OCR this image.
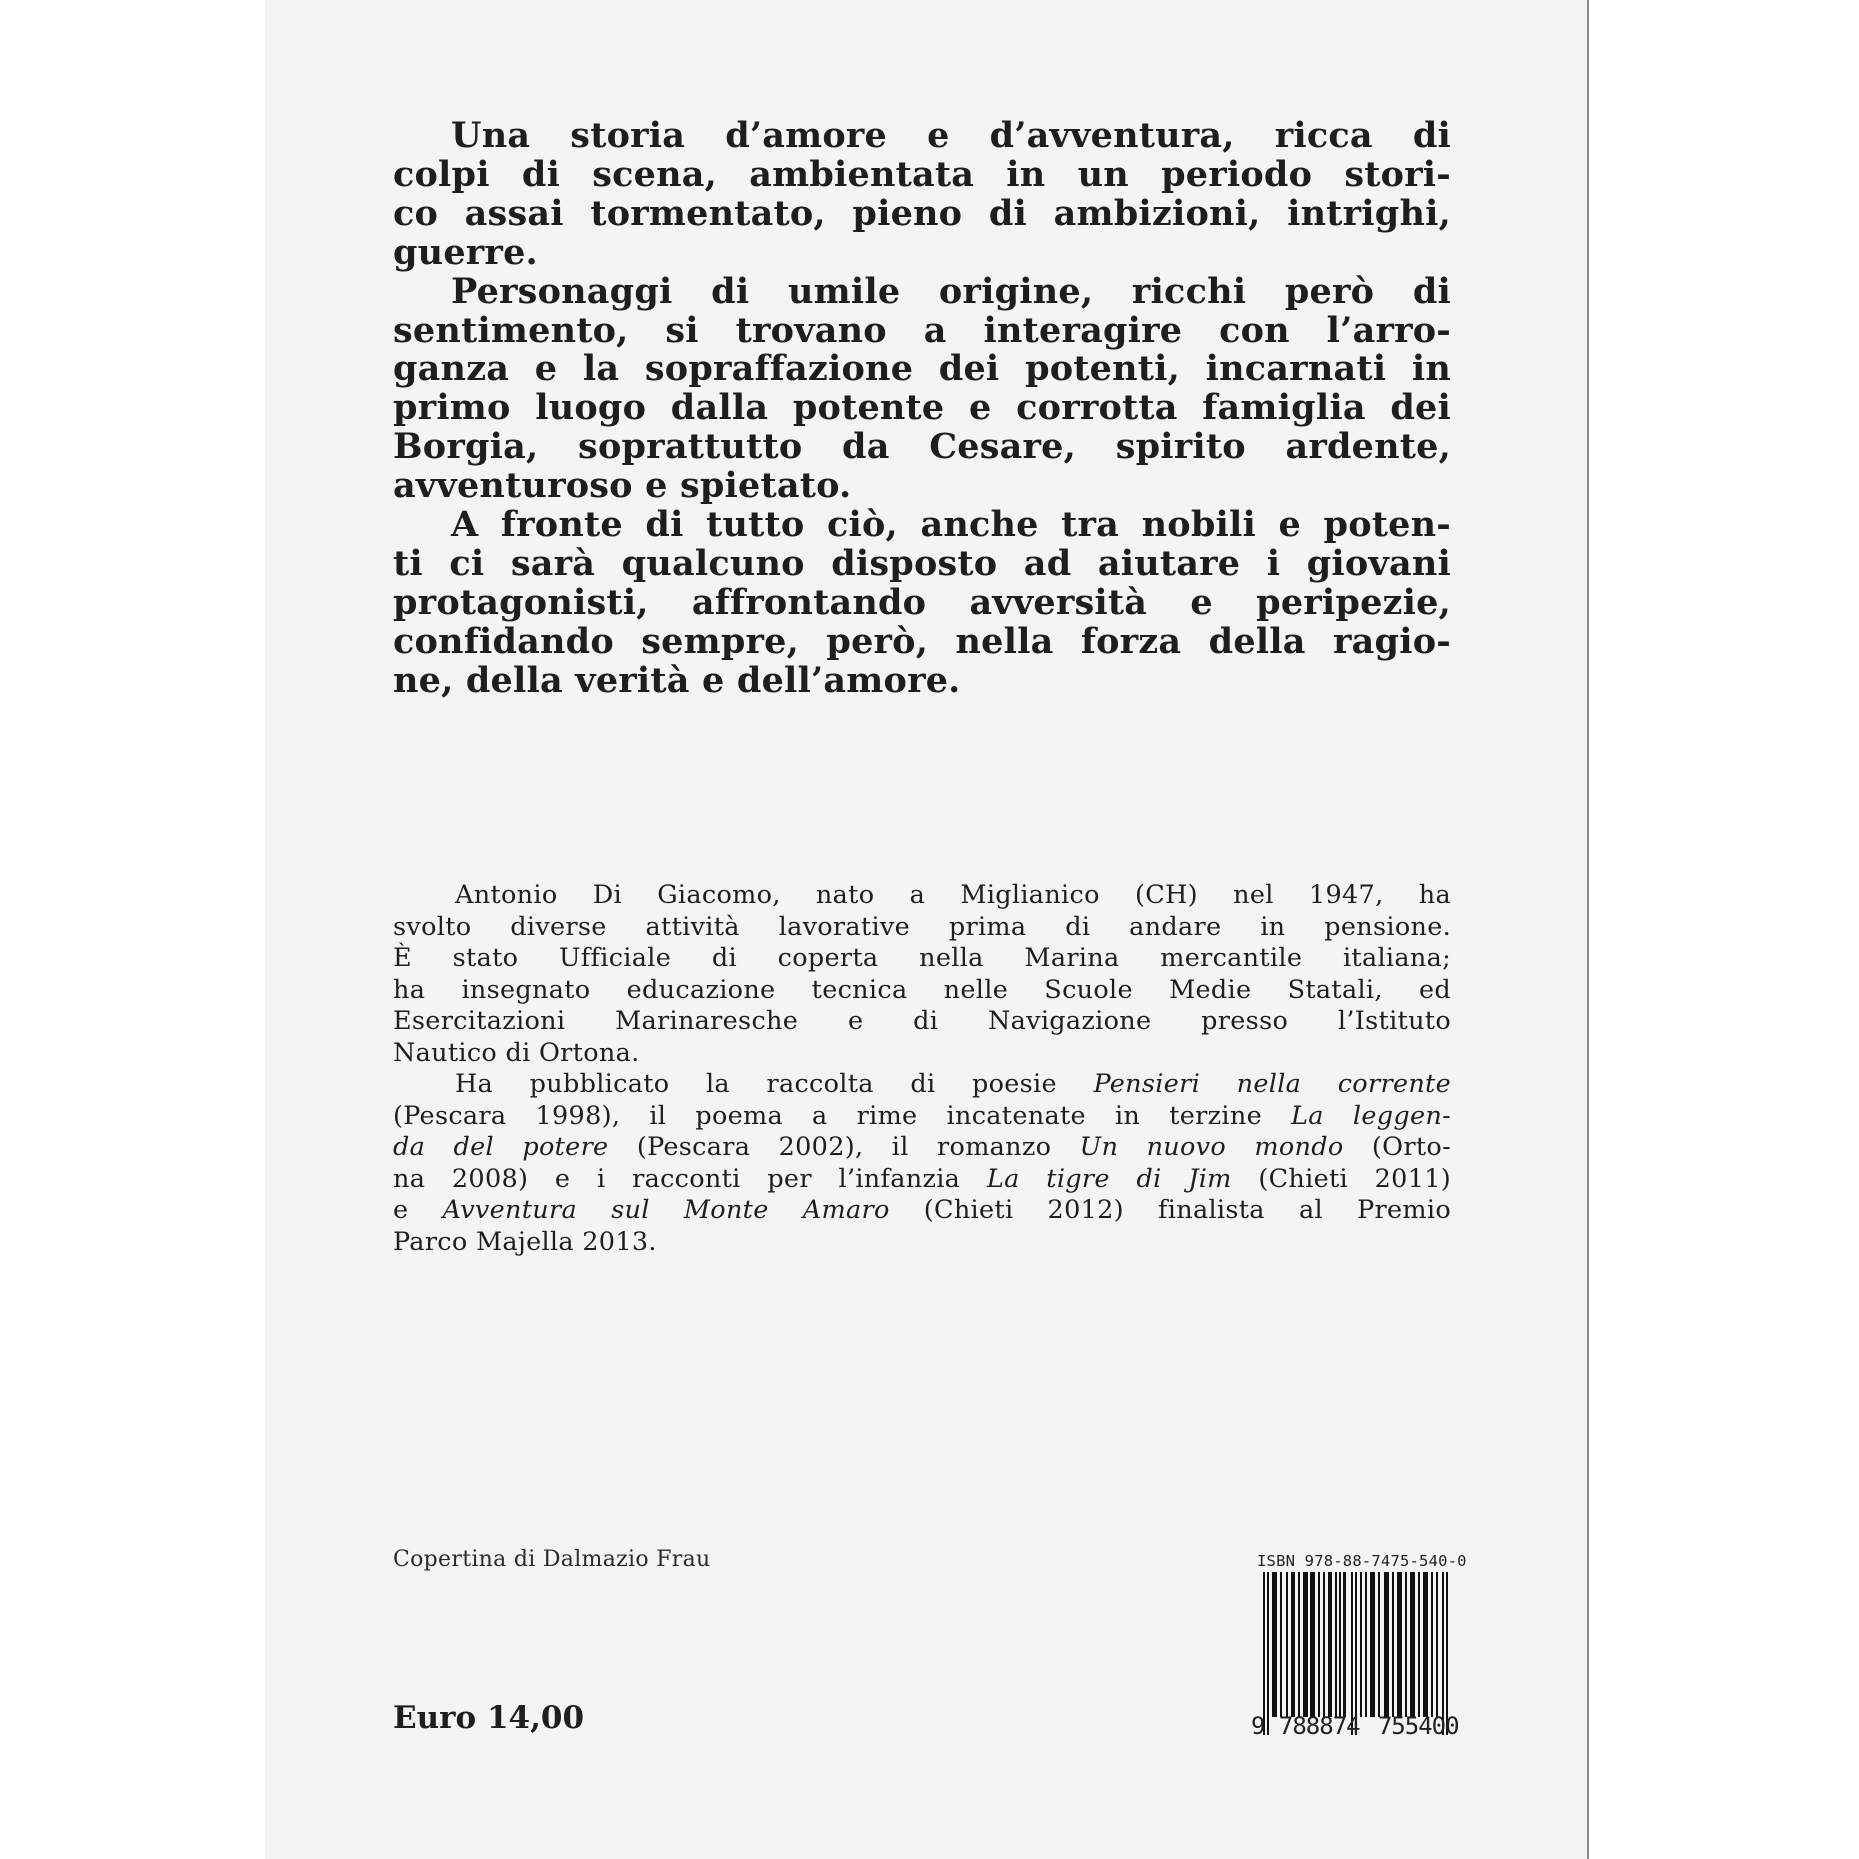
Una storia d’amore e d’avventura, ricca di
colpi di scena, ambientata in un periodo stori-
co assai tormentato, pieno di ambizioni, intrighi,
guerre.

Personaggi di umile origine, ricchi però di
sentimento, si trovano a interagire con l’arro-
ganza e la sopraffazione dei potenti, incarnati in
primo luogo dalla potente e corrotta famiglia dei
Borgia, soprattutto da Cesare, spirito ardente,
avventuroso e spietato.

A fronte di tutto ciò, anche tra nobili e poten-
ti ci sarà qualcuno disposto ad aiutare i giovani
protagonisti, affrontando avversità e peripezie,
confidando sempre, però, nella forza della ragio-
ne, della verità e dell’amore.

Antonio Di Giacomo, nato a Miglianico (CH) nel 1947, ha
svolto diverse attività lavorative prima di andare in pensione.
È stato Ufficiale di coperta nella Marina mercantile italiana;
ha insegnato educazione tecnica nelle Scuole Medie Statali, ed
Esercitazioni Marinaresche e di Navigazione presso l’Istituto
Nautico di Ortona.

Ha pubblicato la raccolta di poesie Pensieri nella corrente
(Pescara 1998), il poema a rime incatenate in terzine La leggen-
da del potere (Pescara 2002), il romanzo Un nuovo mondo (Orto-
na 2008) e i racconti per l’infanzia La tigre di Jim (Chieti 2011)
e Avventura sul Monte Amaro (Chieti 2012) finalista al Premio
Parco Majella 2013.

Copertina di Dalmazio Frau
Euro 14,00
ISBN 978-88-7475-540-0
9 788874 755400
